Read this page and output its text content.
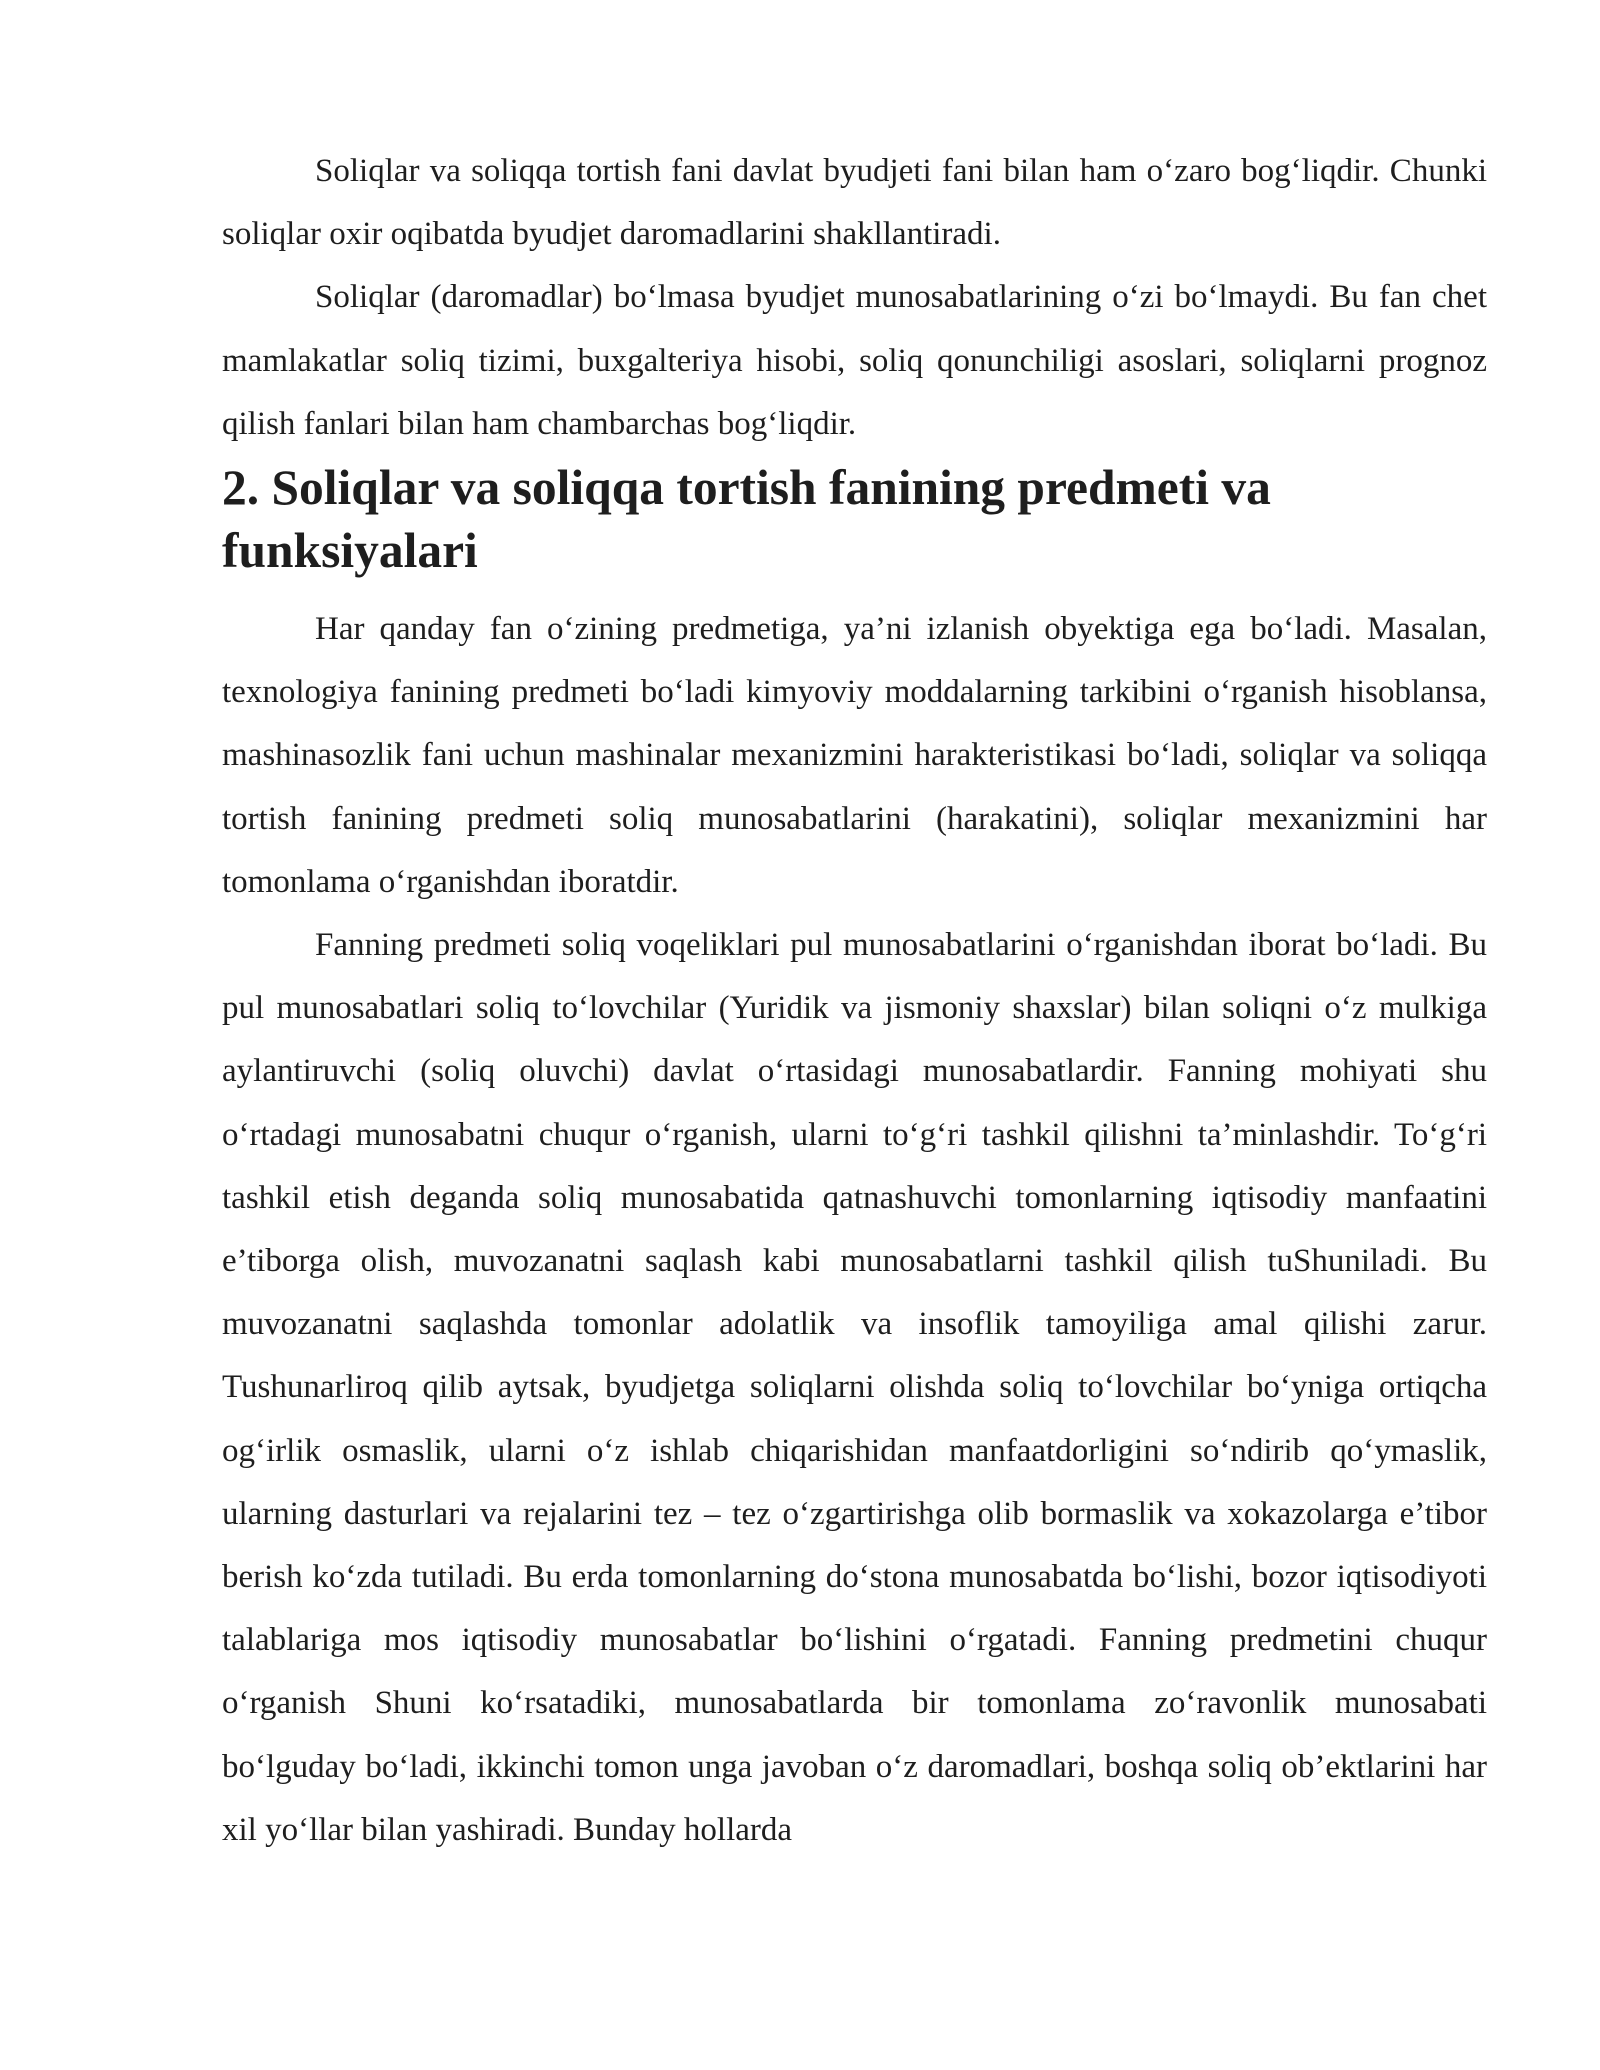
Soliqlar va soliqqa tortish fani davlat byudjeti fani bilan ham o‘zaro bog‘liqdir. Chunki soliqlar oxir oqibatda byudjet daromadlarini shakllantiradi.

Soliqlar (daromadlar) bo‘lmasa byudjet munosabatlarining o‘zi bo‘lmaydi. Bu fan chet mamlakatlar soliq tizimi, buxgalteriya hisobi, soliq qonunchiligi asoslari, soliqlarni prognoz qilish fanlari bilan ham chambarchas bog‘liqdir.

2. Soliqlar va soliqqa tortish fanining predmeti va funksiyalari

Har qanday fan o‘zining predmetiga, ya’ni izlanish obyektiga ega bo‘ladi. Masalan, texnologiya fanining predmeti bo‘ladi kimyoviy moddalarning tarkibini o‘rganish hisoblansa, mashinasozlik fani uchun mashinalar mexanizmini harakteristikasi bo‘ladi, soliqlar va soliqqa tortish fanining predmeti soliq munosabatlarini (harakatini), soliqlar mexanizmini har tomonlama o‘rganishdan iboratdir.

Fanning predmeti soliq voqeliklari pul munosabatlarini o‘rganishdan iborat bo‘ladi. Bu pul munosabatlari soliq to‘lovchilar (Yuridik va jismoniy shaxslar) bilan soliqni o‘z mulkiga aylantiruvchi (soliq oluvchi) davlat o‘rtasidagi munosabatlardir. Fanning mohiyati shu o‘rtadagi munosabatni chuqur o‘rganish, ularni to‘g‘ri tashkil qilishni ta’minlashdir. To‘g‘ri tashkil etish deganda soliq munosabatida qatnashuvchi tomonlarning iqtisodiy manfaatini e’tiborga olish, muvozanatni saqlash kabi munosabatlarni tashkil qilish tuShuniladi. Bu muvozanatni saqlashda tomonlar adolatlik va insoflik tamoyiliga amal qilishi zarur. Tushunarliroq qilib aytsak, byudjetga soliqlarni olishda soliq to‘lovchilar bo‘yniga ortiqcha og‘irlik osmaslik, ularni o‘z ishlab chiqarishidan manfaatdorligini so‘ndirib qo‘ymaslik, ularning dasturlari va rejalarini tez – tez o‘zgartirishga olib bormaslik va xokazolarga e’tibor berish ko‘zda tutiladi. Bu erda tomonlarning do‘stona munosabatda bo‘lishi, bozor iqtisodiyoti talablariga mos iqtisodiy munosabatlar bo‘lishini o‘rgatadi. Fanning predmetini chuqur o‘rganish Shuni ko‘rsatadiki, munosabatlarda bir tomonlama zo‘ravonlik munosabati bo‘lguday bo‘ladi, ikkinchi tomon unga javoban o‘z daromadlari, boshqa soliq ob’ektlarini har xil yo‘llar bilan yashiradi. Bunday hollarda
